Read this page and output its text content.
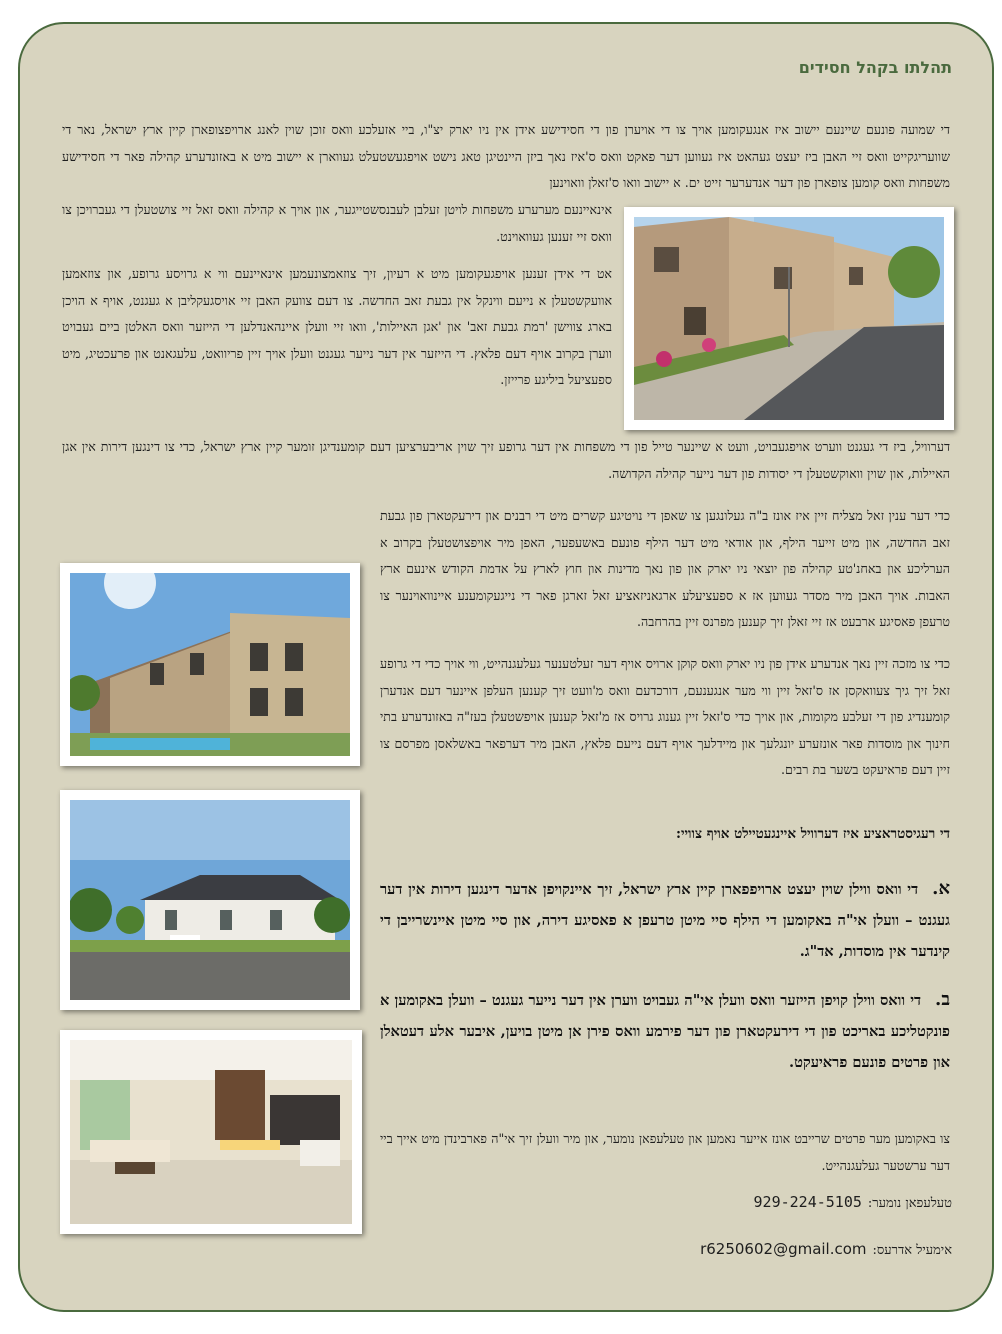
תהלתו בקהל חסידים

די שמועה פונעם שיינעם יישוב איז אנגעקומען אויך צו די אויערן פון די חסידישע אידן אין ניו יארק יצ"ו, ביי אזעלכע וואס זוכן שוין לאנג ארויפצופארן קיין ארץ ישראל, נאר די שוועריגקייט וואס זיי האבן ביז יעצט געהאט איז געווען דער פאקט וואס ס'איז נאך ביזן היינטיגן טאג נישט אויפגעשטעלט געווארן א יישוב מיט א באזונדערע קהילה פאר די חסידישע משפחות וואס קומען צופארן פון דער אנדערער זייט ים. א יישוב וואו ס'זאלן וואוינען

אינאיינעם מערערע משפחות לויטן זעלבן לעבנסשטייגער, און אויך א קהילה וואס זאל זיי צושטעלן די געברויכן צו וואס זיי זענען געוואוינט.

אט די אידן זענען אויפגעקומען מיט א רעיון, זיך צוזאמצונעמען אינאיינעם ווי א גרויסע גרופע, און צוזאמען אוועקשטעלן א נייעם ווינקל אין גבעת זאב החדשה. צו דעם צוועק האבן זיי אויסגעקליבן א געגנט, אויף א הויכן בארג צווישן 'רמת גבעת זאב' און 'אגן האיילות', וואו זיי וועלן איינהאנדלען די הייזער וואס האלטן ביים געבויט ווערן בקרוב אויף דעם פלאץ. די הייזער אין דער נייער געגנט וועלן אויך זיין פריוואט, עלעגאנט און פרעכטיג, מיט ספעציעל ביליגע פרייזן.

דערוויל, ביז די געגנט ווערט אויפגעבויט, וועט א שיינער טייל פון די משפחות אין דער גרופע זיך שוין אריבערציען דעם קומענדיגן זומער קיין ארץ ישראל, כדי צו דינגען דירות אין אגן האיילות, און שוין וואוקשטעלן די יסודות פון דער נייער קהילה הקדושה.

כדי דער ענין זאל מצליח זיין איז אונז ב"ה געלונגען צו שאפן די נויטיגע קשרים מיט די רבנים און דירעקטארן פון גבעת זאב החדשה, און מיט זייער הילף, און אודאי מיט דער הילף פונעם באשעפער, האפן מיר אויפצושטעלן בקרוב א הערליכע און באחנ'טע קהילה פון יוצאי ניו יארק און פון נאך מדינות און חוץ לארץ על אדמת הקודש אינעם ארץ האבות. אויך האבן מיר מסדר געווען אז א ספעציעלע ארגאניזאציע זאל זארגן פאר די נייגעקומענע איינוואוינער צו טרעפן פאסיגע ארבעט אז זיי זאלן זיך קענען מפרנס זיין בהרחבה.

כדי צו מזכה זיין נאך אנדערע אידן פון ניו יארק וואס קוקן ארויס אויף דער זעלטענער געלעגנהייט, ווי אויך כדי די גרופע זאל זיך גיך צעוואקסן אז ס'זאל זיין ווי מער אנגענעם, דורכדעם וואס מ'וועט זיך קענען העלפן איינער דעם אנדערן קומענדיג פון די זעלבע מקומות, און אויך כדי ס'זאל זיין גענוג גרויס אז מ'זאל קענען אויפשטעלן בעז"ה באזונדערע בתי חינוך און מוסדות פאר אונזערע יונגלעך און מיידלעך אויף דעם נייעם פלאץ, האבן מיר דערפאר באשלאסן מפרסם צו זיין דעם פראיעקט בשער בת רבים.

די רעגיסטראציע איז דערוויל איינגעטיילט אויף צוויי:
א.די וואס ווילן שוין יעצט ארויפפארן קיין ארץ ישראל, זיך איינקויפן אדער דינגען דירות אין דער געגנט – וועלן אי"ה באקומען די הילף סיי מיטן טרעפן א פאסיגע דירה, און סיי מיטן איינשרייבן די קינדער אין מוסדות, אד"ג.
ב.די וואס ווילן קויפן הייזער וואס וועלן אי"ה געבויט ווערן אין דער נייער געגנט – וועלן באקומען א פונקטליכע באריכט פון די דירעקטארן פון דער פירמע וואס פירן אן מיטן בויען, איבער אלע דעטאלן און פרטים פונעם פראיעקט.

צו באקומען מער פרטים שרייבט אונז אייער נאמען און טעלעפאן נומער, און מיר וועלן זיך אי"ה פארבינדן מיט אייך ביי דער ערשטער געלעגנהייט.

טעלעפאן נומער:929-224-5105
אימעיל אדרעס:r6250602@gmail.com
